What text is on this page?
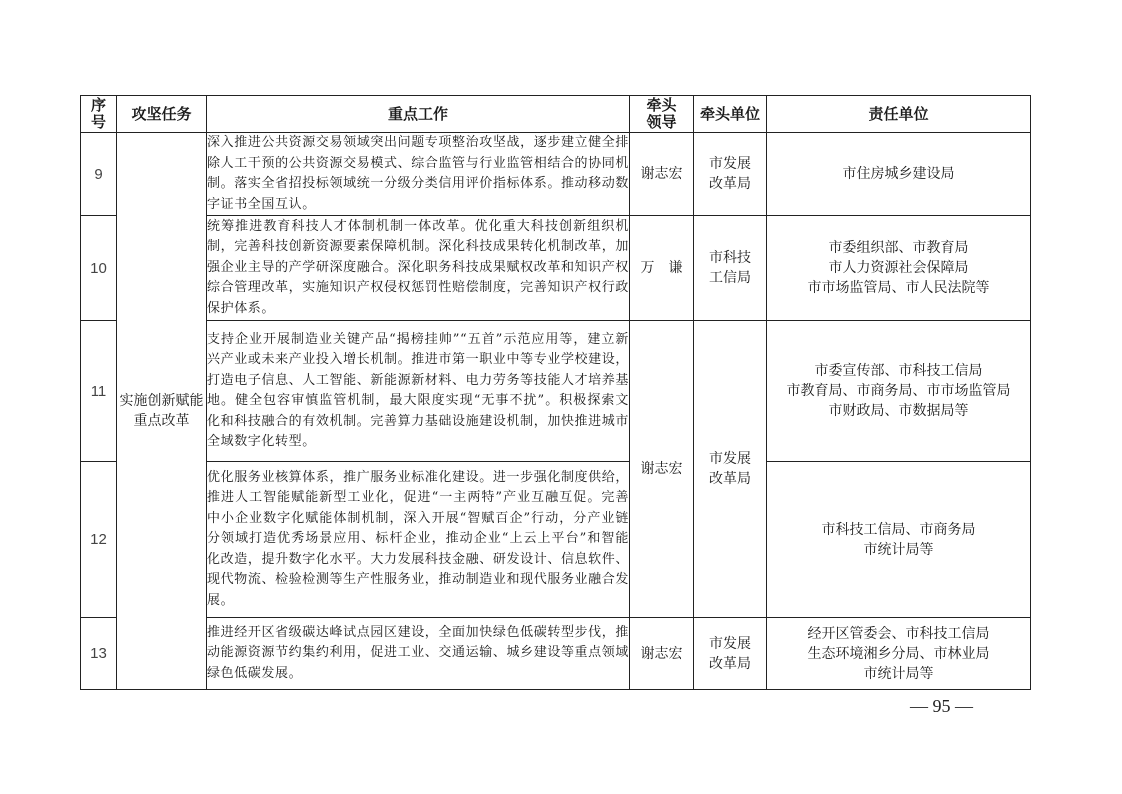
序号	攻坚任务	重点工作	牵头领导	牵头单位	责任单位
9	实施创新赋能重点改革	深入推进公共资源交易领域突出问题专项整治攻坚战，逐步建立健全排除人工干预的公共资源交易模式、综合监管与行业监管相结合的协同机制。落实全省招投标领域统一分级分类信用评价指标体系。推动移动数字证书全国互认。	谢志宏	市发展改革局	市住房城乡建设局

10		统筹推进教育科技人才体制机制一体改革。优化重大科技创新组织机制，完善科技创新资源要素保障机制。深化科技成果转化机制改革，加强企业主导的产学研深度融合。深化职务科技成果赋权改革和知识产权综合管理改革，实施知识产权侵权惩罚性赔偿制度，完善知识产权行政保护体系。	万　谦	市科技工信局	市委组织部、市教育局
市人力资源社会保障局
市市场监管局、市人民法院等

11		支持企业开展制造业关键产品“揭榜挂帅”“五首”示范应用等，建立新兴产业或未来产业投入增长机制。推进市第一职业中等专业学校建设，打造电子信息、人工智能、新能源新材料、电力劳务等技能人才培养基地。健全包容审慎监管机制，最大限度实现“无事不扰”。积极探索文化和科技融合的有效机制。完善算力基础设施建设机制，加快推进城市全域数字化转型。	谢志宏	市发展改革局	市委宣传部、市科技工信局
市教育局、市商务局、市市场监管局
市财政局、市数据局等

12		优化服务业核算体系，推广服务业标准化建设。进一步强化制度供给，推进人工智能赋能新型工业化，促进“一主两特”产业互融互促。完善中小企业数字化赋能体制机制，深入开展“智赋百企”行动，分产业链分领域打造优秀场景应用、标杆企业，推动企业“上云上平台”和智能化改造，提升数字化水平。大力发展科技金融、研发设计、信息软件、现代物流、检验检测等生产性服务业，推动制造业和现代服务业融合发展。			市科技工信局、市商务局
市统计局等

13		推进经开区省级碳达峰试点园区建设，全面加快绿色低碳转型步伐，推动能源资源节约集约利用，促进工业、交通运输、城乡建设等重点领域绿色低碳发展。	谢志宏	市发展改革局	经开区管委会、市科技工信局
生态环境湘乡分局、市林业局
市统计局等
— 95 —
